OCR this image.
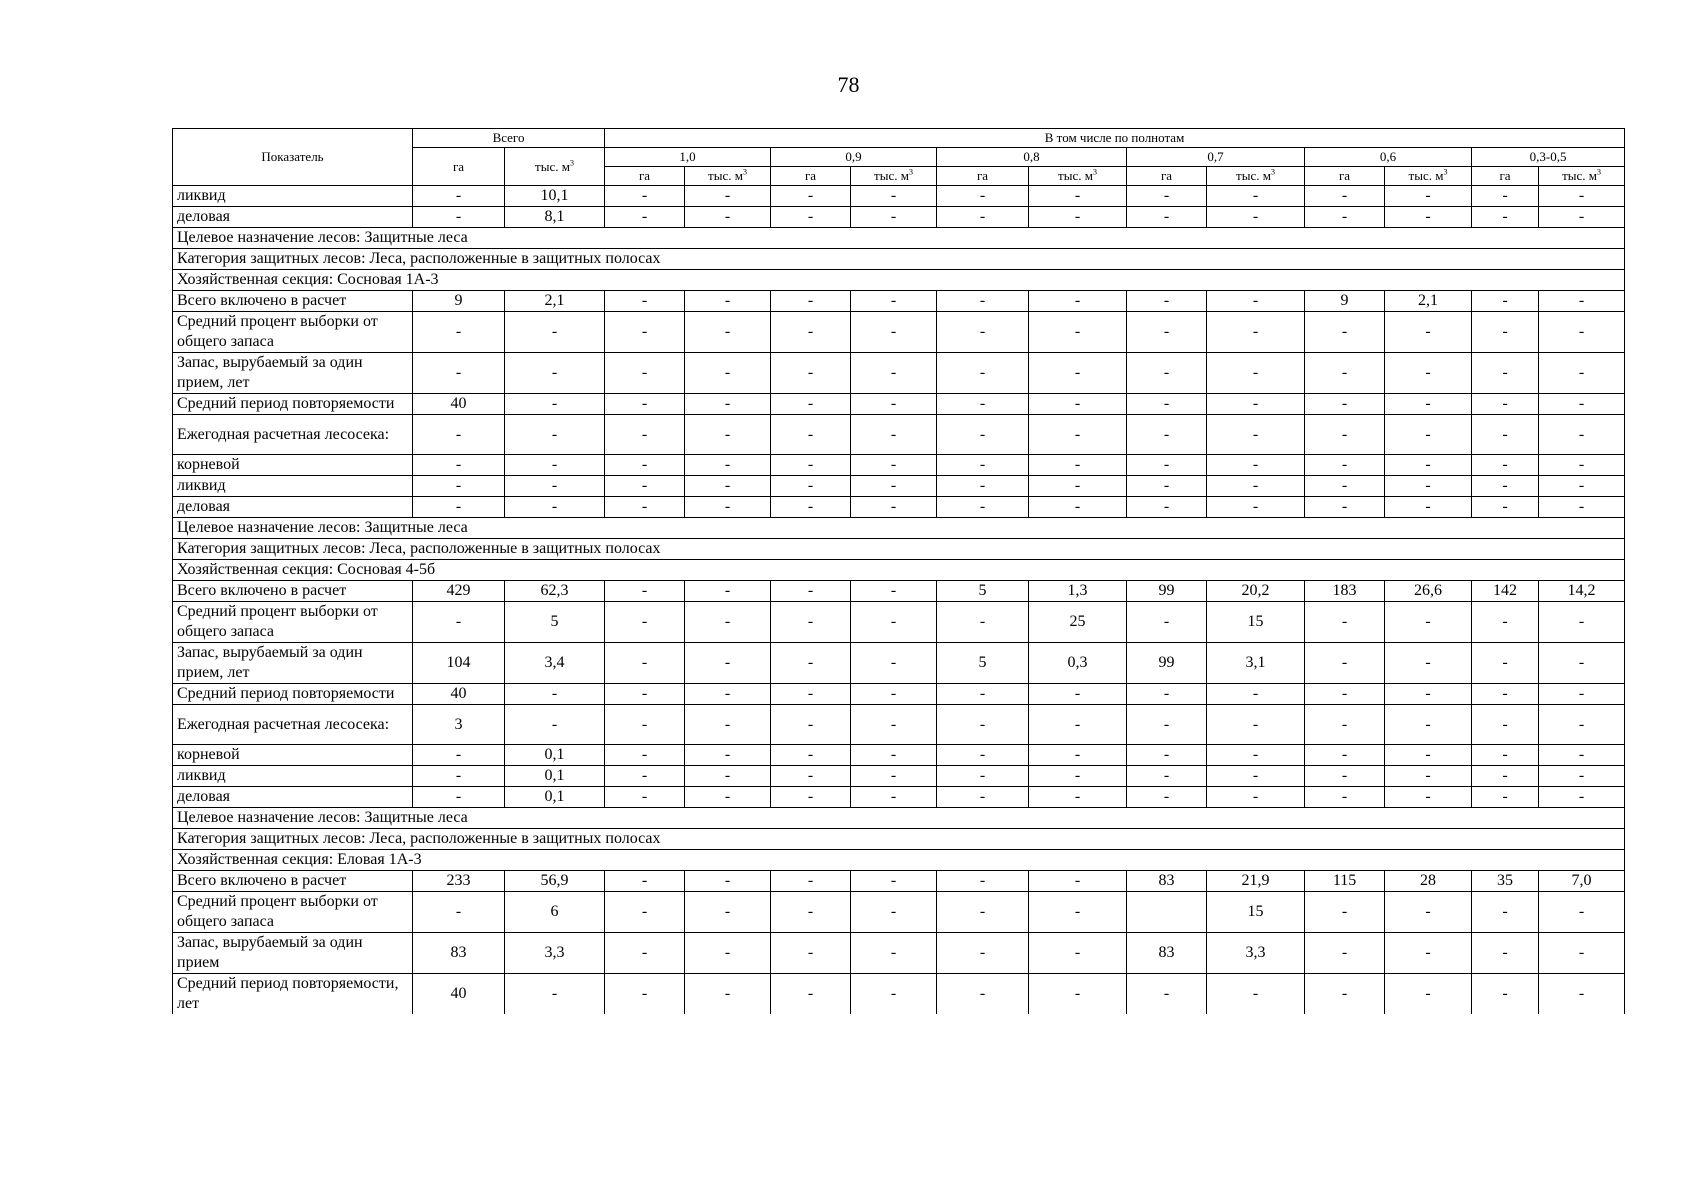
78
Показатель	Всего		В том числе по полнотам											
	га	тыс. $м^3$	1,0		0,9		0,8		0,7		0,6		0,3-0,5	
			га	тыс. $м^3$	га	тыс. $м^3$	га	тыс. $м^3$	га	тыс. $м^3$	га	тыс. $м^3$	га	тыс. $м^3$
ликвид	-	10,1	-	-	-	-	-	-	-	-	-	-	-	-
деловая	-	8,1	-	-	-	-	-	-	-	-	-	-	-	-
Целевое назначение лесов: Защитные леса														
Категория защитных лесов: Леса, расположенные в защитных полосах														
Хозяйственная секция: Сосновая 1А-3														
Всего включено в расчет	9	2,1	-	-	-	-	-	-	-	-	9	2,1	-	-
Средний процент выборки от общего запаса	-	-	-	-	-	-	-	-	-	-	-	-	-	-
Запас, вырубаемый за один прием, лет	-	-	-	-	-	-	-	-	-	-	-	-	-	-
Средний период повторяемости	40	-	-	-	-	-	-	-	-	-	-	-	-	-
Ежегодная расчетная лесосека:	-	-	-	-	-	-	-	-	-	-	-	-	-	-
корневой	-	-	-	-	-	-	-	-	-	-	-	-	-	-
ликвид	-	-	-	-	-	-	-	-	-	-	-	-	-	-
деловая	-	-	-	-	-	-	-	-	-	-	-	-	-	-
Целевое назначение лесов: Защитные леса														
Категория защитных лесов: Леса, расположенные в защитных полосах														
Хозяйственная секция: Сосновая 4-5б														
Всего включено в расчет	429	62,3	-	-	-	-	5	1,3	99	20,2	183	26,6	142	14,2
Средний процент выборки от общего запаса	-	5	-	-	-	-	-	25	-	15	-	-	-	-
Запас, вырубаемый за один прием, лет	104	3,4	-	-	-	-	5	0,3	99	3,1	-	-	-	-
Средний период повторяемости	40	-	-	-	-	-	-	-	-	-	-	-	-	-
Ежегодная расчетная лесосека:	3	-	-	-	-	-	-	-	-	-	-	-	-	-
корневой	-	0,1	-	-	-	-	-	-	-	-	-	-	-	-
ликвид	-	0,1	-	-	-	-	-	-	-	-	-	-	-	-
деловая	-	0,1	-	-	-	-	-	-	-	-	-	-	-	-
Целевое назначение лесов: Защитные леса														
Категория защитных лесов: Леса, расположенные в защитных полосах														
Хозяйственная секция: Еловая 1А-3														
Всего включено в расчет	233	56,9	-	-	-	-	-	-	83	21,9	115	28	35	7,0
Средний процент выборки от общего запаса	-	6	-	-	-	-	-	-		15	-	-	-	-
Запас, вырубаемый за один прием	83	3,3	-	-	-	-	-	-	83	3,3	-	-	-	-
Средний период повторяемости, лет	40	-	-	-	-	-	-	-	-	-	-	-	-	-
